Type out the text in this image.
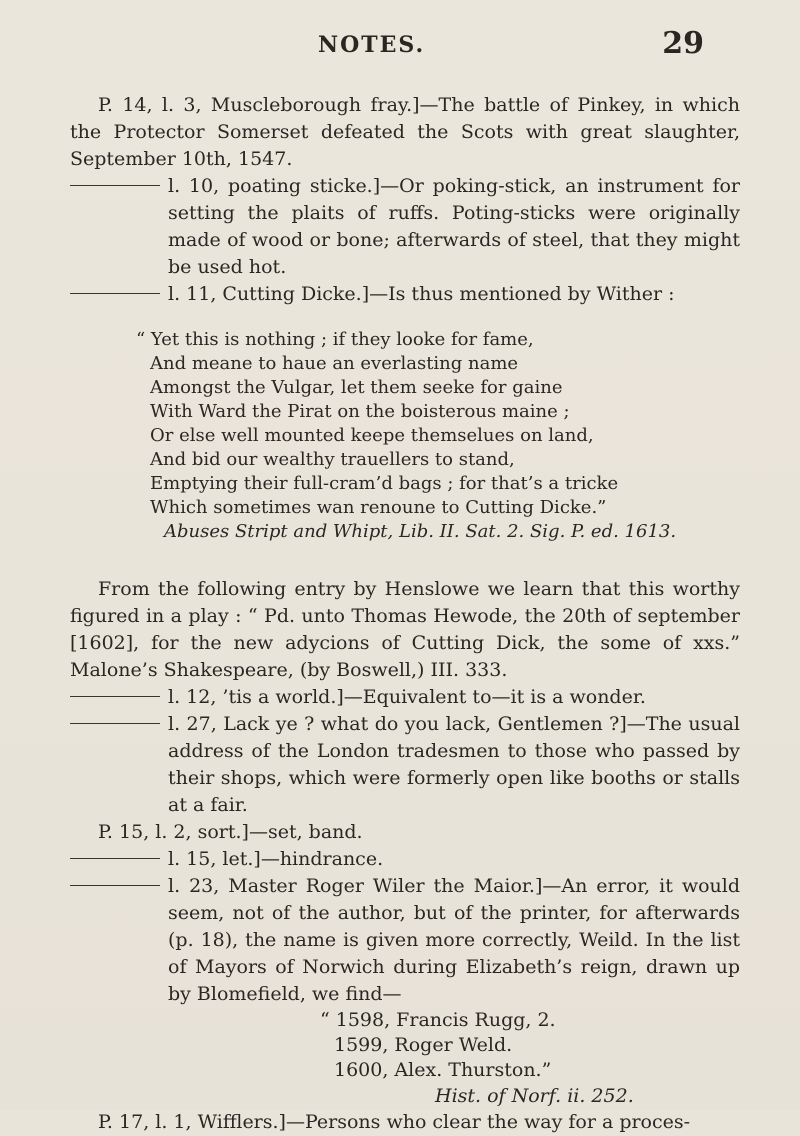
NOTES.	29

P. 14, l. 3, Muscleborough fray.]—The battle of Pinkey, in which the Protector Somerset defeated the Scots with great slaughter, September 10th, 1547.

l. 10, poating sticke.]—Or poking-stick, an instrument for setting the plaits of ruffs. Poting-sticks were originally made of wood or bone; afterwards of steel, that they might be used hot.

l. 11, Cutting Dicke.]—Is thus mentioned by Wither :

“ Yet this is nothing ; if they looke for fame,

And meane to haue an everlasting name

Amongst the Vulgar, let them seeke for gaine

With Ward the Pirat on the boisterous maine ;

Or else well mounted keepe themselues on land,

And bid our wealthy trauellers to stand,

Emptying their full-cram’d bags ; for that’s a tricke

Which sometimes wan renoune to Cutting Dicke.”

Abuses Stript and Whipt, Lib. II. Sat. 2. Sig. P. ed. 1613.

From the following entry by Henslowe we learn that this worthy figured in a play : “ Pd. unto Thomas Hewode, the 20th of september [1602], for the new adycions of Cutting Dick, the some of xxs.” Malone’s Shakespeare, (by Boswell,) III. 333.

l. 12, ’tis a world.]—Equivalent to—it is a wonder.

l. 27, Lack ye ? what do you lack, Gentlemen ?]—The usual address of the London tradesmen to those who passed by their shops, which were formerly open like booths or stalls at a fair.

P. 15, l. 2, sort.]—set, band.

l. 15, let.]—hindrance.

l. 23, Master Roger Wiler the Maior.]—An error, it would seem, not of the author, but of the printer, for afterwards (p. 18), the name is given more correctly, Weild. In the list of Mayors of Norwich during Elizabeth’s reign, drawn up by Blomefield, we find—

“ 1598, Francis Rugg, 2.

1599, Roger Weld.

1600, Alex. Thurston.”

Hist. of Norf. ii. 252.

P. 17, l. 1, Wifflers.]—Persons who clear the way for a proces-
